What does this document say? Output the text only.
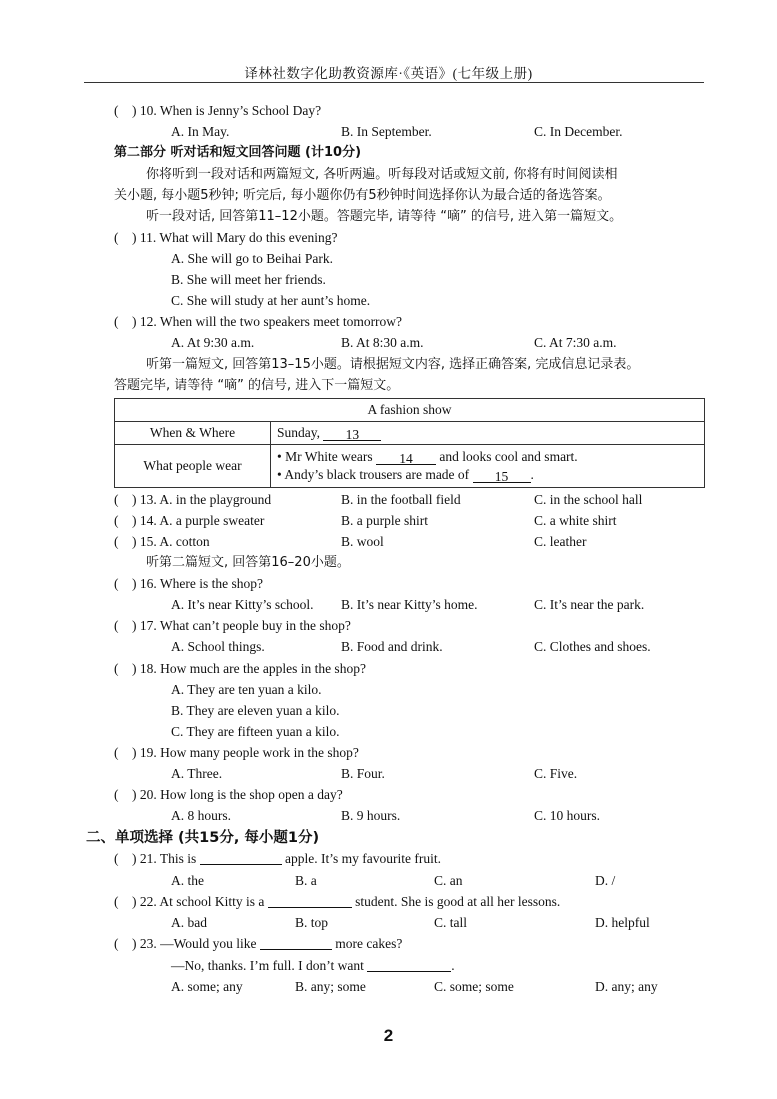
译林社数字化助教资源库·《英语》(七年级上册)
(    ) 10. When is Jenny’s School Day?
A. In May.	B. In September.	C. In December.
第二部分 听对话和短文回答问题 (计10分)
你将听到一段对话和两篇短文, 各听两遍。听每段对话或短文前, 你将有时间阅读相
关小题, 每小题5秒钟; 听完后, 每小题你仍有5秒钟时间选择你认为最合适的备选答案。
听一段对话, 回答第11–12小题。答题完毕, 请等待 “嘀” 的信号, 进入第一篇短文。
(    ) 11. What will Mary do this evening?
A. She will go to Beihai Park.
B. She will meet her friends.
C. She will study at her aunt’s home.
(    ) 12. When will the two speakers meet tomorrow?
A. At 9:30 a.m.	B. At 8:30 a.m.	C. At 7:30 a.m.
听第一篇短文, 回答第13–15小题。请根据短文内容, 选择正确答案, 完成信息记录表。
答题完毕, 请等待 “嘀” 的信号, 进入下一篇短文。
A fashion show	
When & Where	Sunday, 13
What people wear	• Mr White wears 14 and looks cool and smart.
• Andy’s black trousers are made of 15 .
(    ) 13. A. in the playground	B. in the football field	C. in the school hall
(    ) 14. A. a purple sweater	B. a purple shirt	C. a white shirt
(    ) 15. A. cotton	B. wool	C. leather
听第二篇短文, 回答第16–20小题。
(    ) 16. Where is the shop?
A. It’s near Kitty’s school. B. It’s near Kitty’s home.	C. It’s near the park.
(    ) 17. What can’t people buy in the shop?
A. School things.	B. Food and drink.	C. Clothes and shoes.
(    ) 18. How much are the apples in the shop?
A. They are ten yuan a kilo.
B. They are eleven yuan a kilo.
C. They are fifteen yuan a kilo.
(    ) 19. How many people work in the shop?
A. Three.	B. Four.	C. Five.
(    ) 20. How long is the shop open a day?
A. 8 hours.	B. 9 hours.	C. 10 hours.
二、单项选择 (共15分, 每小题1分)
(    ) 21. This is	apple. It’s my favourite fruit.
A. the	B. a	C. an	D. /
(    ) 22. At school Kitty is a	student. She is good at all her lessons.
A. bad	B. top	C. tall	D. helpful
(    ) 23. —Would you like	more cakes?
—No, thanks. I’m full. I don’t want	.
A. some; any	B. any; some	C. some; some	D. any; any
2
